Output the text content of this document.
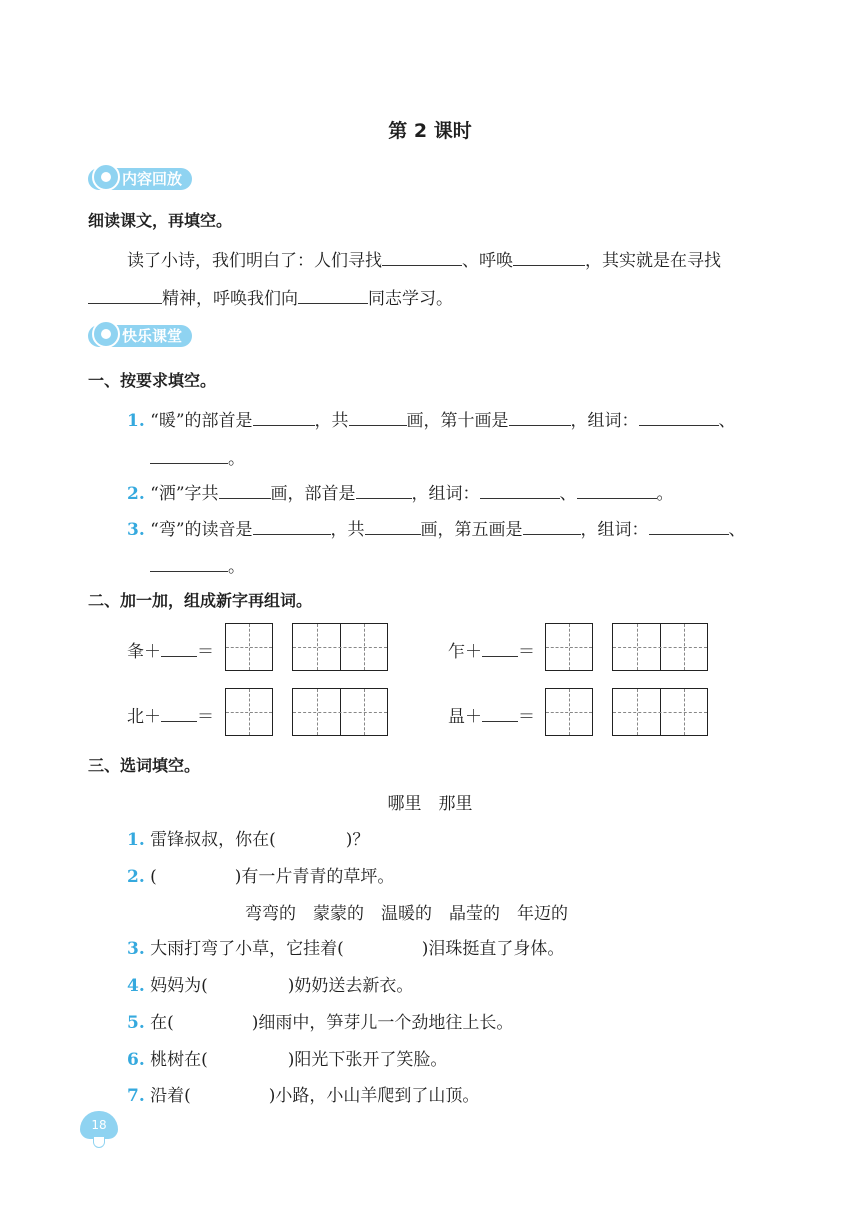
第 2 课时
内容回放
细读课文，再填空。
读了小诗，我们明白了：人们寻找	、呼唤	，其实就是在寻找
精神，呼唤我们向	同志学习。
快乐课堂
一、按要求填空。
1. “暖”的部首是	，共	画，第十画是	，组词：	、
。
2. “洒”字共	画，部首是	，组词：	、	。
3. “弯”的读音是	，共	画，第五画是	，组词：	、
。
二、加一加，组成新字再组词。
夆＋ ＝	乍＋ ＝
北＋ ＝	昷＋ ＝
三、选词填空。
哪里　那里
1. 雷锋叔叔，你在(	)？
2. (	)有一片青青的草坪。
弯弯的　蒙蒙的　温暖的　晶莹的　年迈的
3. 大雨打弯了小草，它挂着(	)泪珠挺直了身体。
4. 妈妈为(	)奶奶送去新衣。
5. 在(	)细雨中，笋芽儿一个劲地往上长。
6. 桃树在(	)阳光下张开了笑脸。
7. 沿着(	)小路，小山羊爬到了山顶。
18
